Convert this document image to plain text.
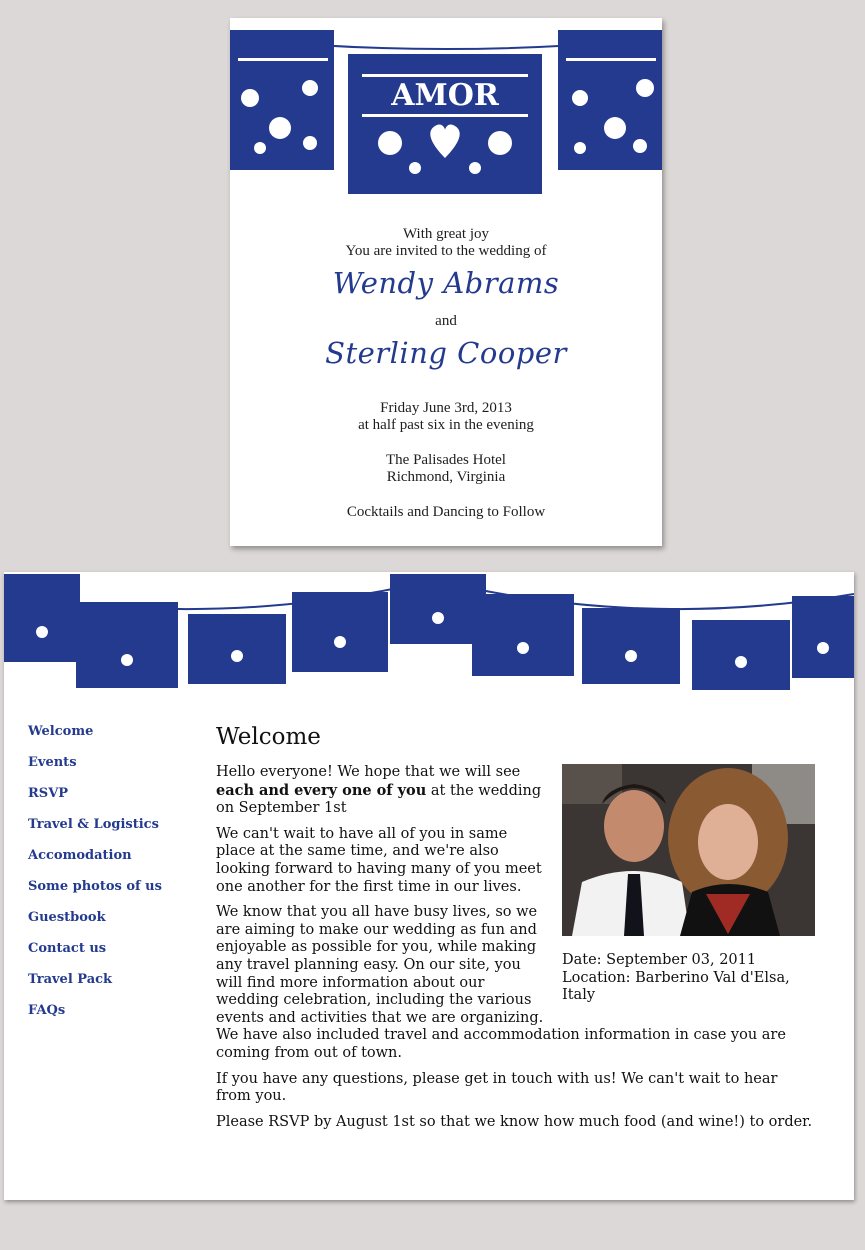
AMOR
With great joy
You are invited to the wedding of
Wendy Abrams
and
Sterling Cooper
Friday June 3rd, 2013
at half past six in the evening
The Palisades Hotel
Richmond, Virginia
Cocktails and Dancing to Follow
Welcome
Events
RSVP
Travel & Logistics
Accomodation
Some photos of us
Guestbook
Contact us
Travel Pack
FAQs
Welcome
Date: September 03, 2011
Location: Barberino Val d'Elsa, Italy

Hello everyone! We hope that we will see each and every one of you at the wedding on September 1st

We can't wait to have all of you in same place at the same time, and we're also looking forward to having many of you meet one another for the first time in our lives.

We know that you all have busy lives, so we are aiming to make our wedding as fun and enjoyable as possible for you, while making any travel planning easy. On our site, you will find more information about our wedding celebration, including the various events and activities that we are organizing. We have also included travel and accommodation information in case you are coming from out of town.

If you have any questions, please get in touch with us! We can't wait to hear from you.

Please RSVP by August 1st so that we know how much food (and wine!) to order.
